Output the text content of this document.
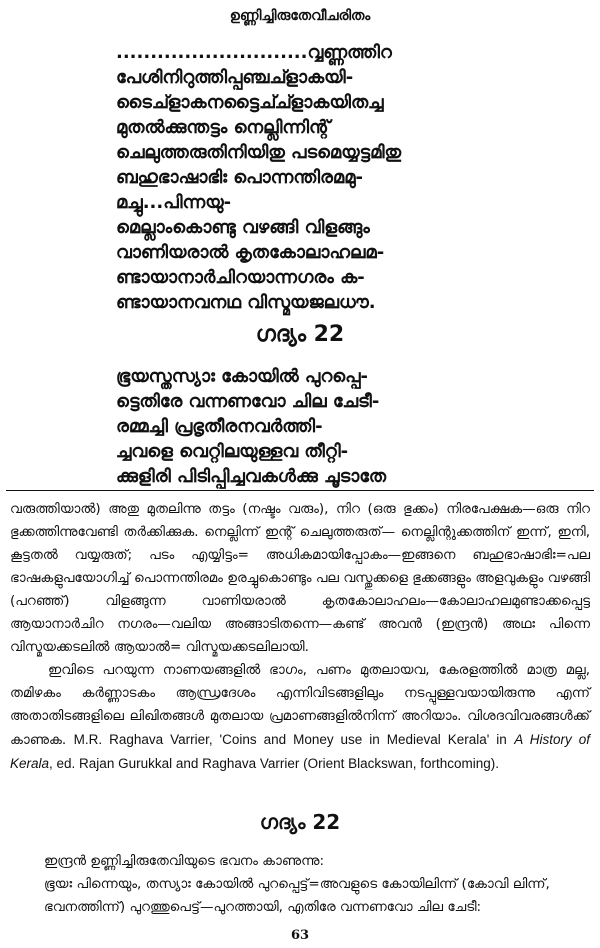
ഉണ്ണിച്ചിരുതേവീചരിതം
............................വ്വണ്ണത്തിറ
പേശിനിറുത്തിപ്പഞ്ചച്ളാകയി-
ടൈച്ളാകനട്ടൈച്ച്ളാകയിതച്ച
മുതൽക്കുന്തട്ടം നെല്ലിന്നിന്റ്
ചെലുത്തരുതിനിയിതു പടമെയ്യട്ടമിതു
ബഹുഭാഷാഭിഃ പൊന്നന്തിരമമു-
മച്ചു...പിന്നയു-
മെല്ലാംകൊണ്ടു വഴങ്ങി വിളങ്ങും
വാണിയരാൽ കൃതകോലാഹലമ-
ണ്ടായാനാർചിറയാന്നഗരം ക-
ണ്ടായാനവനഥ വിസ്മയജലധൗ.
ഗദ്യം 22
ഭൂയസ്തസ്യാഃ കോയിൽ പുറപ്പെ-
ട്ടെതിരേ വന്നണവോ ചില ചേടീ-
രമ്മച്ചി പ്രഭൃതീരനവർത്തി-
ച്ചവളെ വെറ്റിലയുള്ളവ തീറ്റി-
ക്കുളിരി പിടിപ്പിച്ചവകൾക്കു ചൂടാതേ

വരുത്തിയാൽ) അതു മുതലിന്നു തട്ടം (നഷ്ടം വരും), നിറ (ഒരു ഭുക്കം) നിരപേക്ഷക—ഒരു നിറ ഭുക്കത്തിന്നുവേണ്ടി തർക്കിക്കുക. നെല്ലിന്ന് ഇന്റ് ചെലുത്തരുത്— നെല്ലിന്റുക്കത്തിന് ഇന്ന്, ഇനി, കൂട്ടതൽ വയ്യരുത്; പടം എയ്യിട്ടം= അധികമായിപ്പോകം—ഇങ്ങനെ ബഹുഭാഷാഭിഃ=പല ഭാഷകളുപയോഗിച്ച് പൊന്നന്തിരമം ഉരച്ചുകൊണ്ടും പല വസ്തുക്കളെ ഭുക്കങ്ങളും അളവുകളും വഴങ്ങി (പറഞ്ഞ്) വിളങ്ങുന്ന വാണിയരാൽ കൃതകോലാഹലം—കോലാഹലമുണ്ടാക്കപ്പെട്ട ആയാനാർചിറ നഗരം—വലിയ അങ്ങാടിതന്നെ—കണ്ട് അവൻ (ഇന്ദ്രൻ) അഥഃ പിന്നെ വിസ്മയക്കടലിൽ ആയാൽ= വിസ്മയക്കടലിലായി.

ഇവിടെ പറയുന്ന നാണയങ്ങളിൽ ഭാഗം, പണം മുതലായവ, കേരളത്തിൽ മാത്ര മല്ല, തമിഴകം കർണ്ണാടകം ആന്ധ്രദേശം എന്നിവിടങ്ങളിലും നടപ്പുള്ളവയായിരുന്നു എന്ന് അതാതിടങ്ങളിലെ ലിഖിതങ്ങൾ മുതലായ പ്രമാണങ്ങളിൽനിന്ന് അറിയാം. വിശദവിവരങ്ങൾക്ക് കാണുക. M.R. Raghava Varrier, 'Coins and Money use in Medieval Kerala' in A History of Kerala, ed. Rajan Gurukkal and Raghava Varrier (Orient Blackswan, forthcoming).

ഗദ്യം 22

ഇന്ദ്രൻ ഉണ്ണിച്ചിരുതേവിയുടെ ഭവനം കാണുന്നു:

ഭൂയഃ പിന്നെയും, തസ്യാഃ കോയിൽ പുറപ്പെട്ട്=അവളുടെ കോയിലിന്ന് (കോവി ലിന്ന്, ഭവനത്തിന്ന്) പുറത്തുപെട്ട്—പുറത്തായി, എതിരേ വന്നണവോ ചില ചേടീ:

63
